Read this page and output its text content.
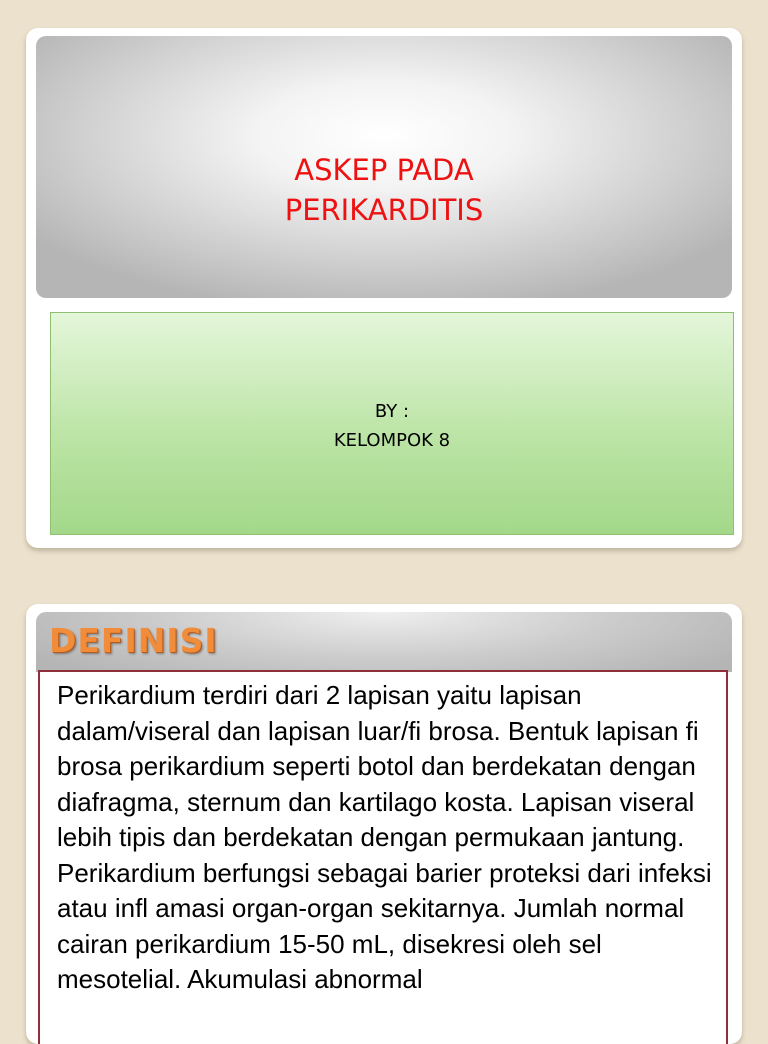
ASKEP PADA
PERIKARDITIS
BY :
KELOMPOK 8
DEFINISI

Perikardium terdiri dari 2 lapisan yaitu lapisan dalam/viseral dan lapisan luar/fi brosa. Bentuk lapisan fi brosa perikardium seperti botol dan berdekatan dengan diafragma, sternum dan kartilago kosta. Lapisan viseral lebih tipis dan berdekatan dengan permukaan jantung. Perikardium berfungsi sebagai barier proteksi dari infeksi atau infl amasi organ-organ sekitarnya. Jumlah normal cairan perikardium 15-50 mL, disekresi oleh sel mesotelial. Akumulasi abnormal
